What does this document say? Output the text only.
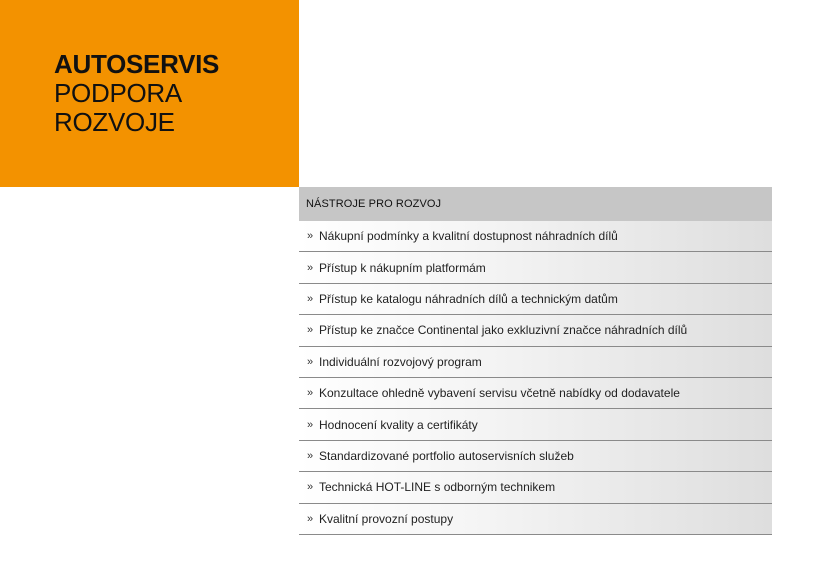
AUTOSERVIS
PODPORA
ROZVOJE
NÁSTROJE PRO ROZVOJ
» Nákupní podmínky a kvalitní dostupnost náhradních dílů
» Přístup k nákupním platformám
» Přístup ke katalogu náhradních dílů a technickým datům
» Přístup ke značce Continental jako exkluzivní značce náhradních dílů
» Individuální rozvojový program
» Konzultace ohledně vybavení servisu včetně nabídky od dodavatele
» Hodnocení kvality a certifikáty
» Standardizované portfolio autoservisních služeb
» Technická HOT-LINE s odborným technikem
» Kvalitní provozní postupy
